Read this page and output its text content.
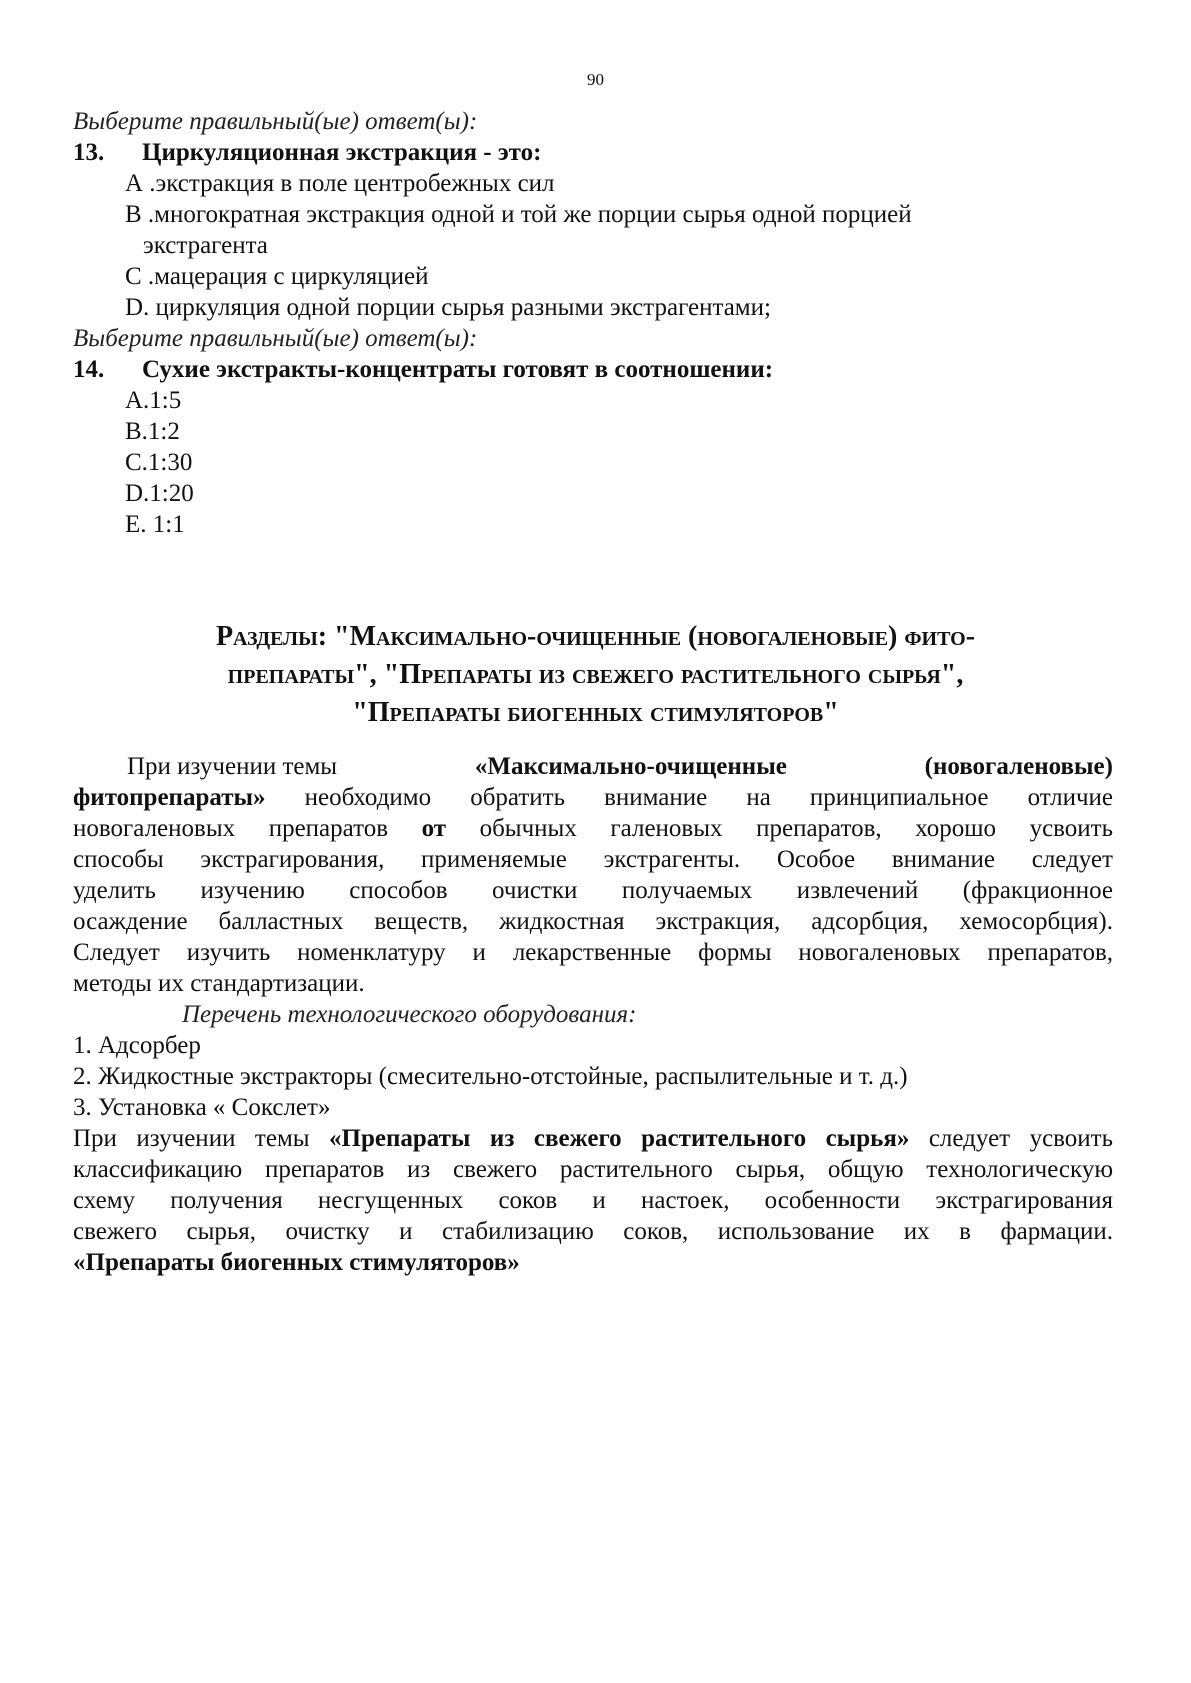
90
Выберите правильный(ые) ответ(ы):
13. Циркуляционная экстракция - это:
А .экстракция в поле центробежных сил
В .многократная экстракция одной и той же порции сырья одной порцией
экстрагента
С .мацерация с циркуляцией
D. циркуляция одной порции сырья разными экстрагентами;
Выберите правильный(ые) ответ(ы):
14. Сухие экстракты-концентраты готовят в соотношении:
А.1:5
В.1:2
С.1:30
D.1:20
Е. 1:1
Разделы: "Максимально-очищенные (новогаленовые) фито-
препараты", "Препараты из свежего растительного сырья",
"Препараты биогенных стимуляторов"
При изучении темы	«Максимально-очищенные	(новогаленовые)
фитопрепараты» необходимо обратить внимание на принципиальное отличие
новогаленовых препаратов от обычных галеновых препаратов, хорошо усвоить
способы экстрагирования, применяемые экстрагенты. Особое внимание следует
уделить изучению способов очистки получаемых извлечений (фракционное
осаждение балластных веществ, жидкостная экстракция, адсорбция, хемосорбция).
Следует изучить номенклатуру и лекарственные формы новогаленовых препаратов,
методы их стандартизации.
Перечень технологического оборудования:
1. Адсорбер
2. Жидкостные экстракторы (смесительно-отстойные, распылительные и т. д.)
3. Установка « Сокслет»
При изучении темы «Препараты из свежего растительного сырья» следует усвоить
классификацию препаратов из свежего растительного сырья, общую технологическую
схему получения несгущенных соков и настоек, особенности экстрагирования
свежего сырья, очистку и стабилизацию соков, использование их в фармации.
«Препараты биогенных стимуляторов»
